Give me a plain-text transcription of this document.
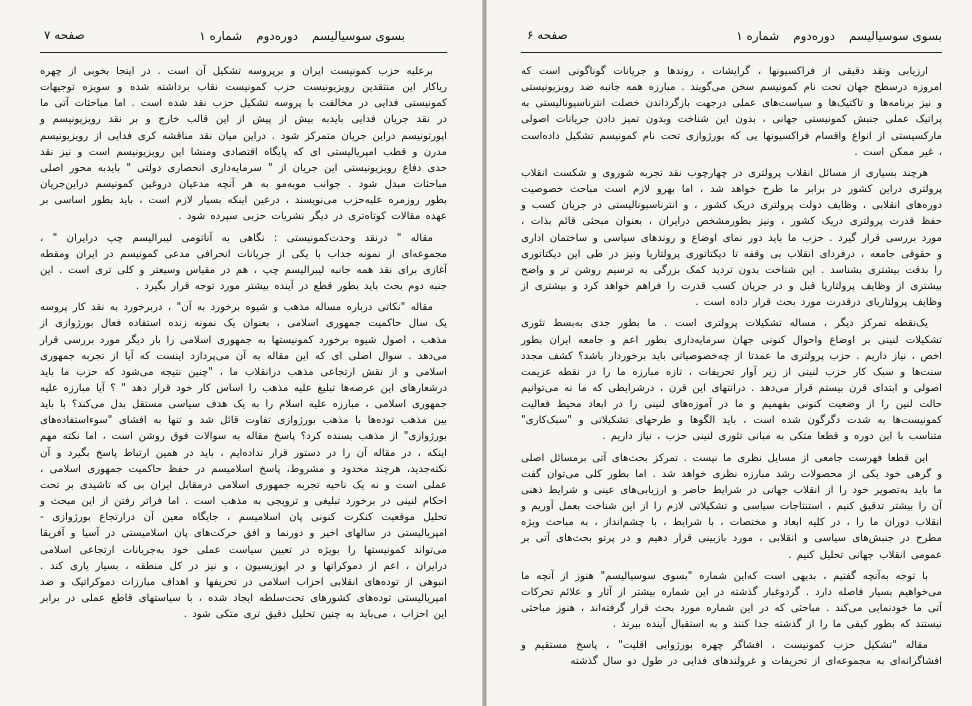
بسوی سوسیالیسم
دوره‌دوم
شماره ۱
صفحه ۷

برعلیه حزب کمونیست ایران و برپروسه تشکیل آن است . در اینجا بخوبی از چهره ریاکار این منتقدین رویزیونیست حزب کمونیست نقاب برداشته شده و سویزه توجیهات کمونیستی فدایی در مخالفت با پروسه تشکیل حزب نقد شده است . اما مباحثات آتی ما در نقد جریان فدایی بایدبه بیش از پیش از این قالب خارج و بر نقد رویزیونیسم و اپورتونیسم دراین جریان متمرکز شود . دراین میان نقد مناقشه کری فدایی از رویزیونیسم مدرن و قطب امپریالیستی ای که پایگاه اقتصادی ومنشا این رویزیونیسم است و نیز نقد حدی دفاع رویزیونیستی این جریان از " سرمایه‌داری انحصاری دولتی " بایدبه محور اصلی مباحثات مبدل شود . جوانب موبه‌مو به هر آنچه مدعیان دروغین کمونیسم دراین‌جریان بطور روزمره علیه‌حزب می‌نویسند ، درعین اینکه بسیار لازم است ، باید بطور اساسی بر عهده مقالات کوتاه‌تری در دیگر نشریات حزبی سپرده شود .

مقاله " درنقد وحدت‌کمونیستی : نگاهی به آناتومی لیبرالیسم چپ درایران " ، مجموعه‌ای از نمونه جداب با یکی از جریانات انحرافی مدعی کمونیسم در ایران ومقطه آغازی برای نقد همه جانبه لیبرالیسم چپ ، هم در مقیاس وسیعتر و کلی تری است . این جنبه دوم بحث باید بطور قطع در آینده بیشتر مورد توجه قرار بگیرد .

مقاله "نکاتی درباره مساله مذهب و شیوه برخورد به آن" ، دربرخورد به نقد کار پروسه یک سال حاکمیت جمهوری اسلامی ، بعنوان یک نمونه زنده استفاده فعال بورژوازی از مذهب ، اصول شیوه برخورد کمونیستها به جمهوری اسلامی را بار دیگر مورد بررسی قرار می‌دهد . سوال اصلی ای که این مقاله به آن می‌پردازد اینست که آیا از تجربه جمهوری اسلامی و از نقش ارتجاعی مذهب درانقلاب ما ، "چنین نتیجه می‌شود که حزب ما باید درشعارهای این عرصه‌ها تبلیغ علیه مذهب را اساس کار خود قرار دهد " ؟ آیا مبارزه علیه جمهوری اسلامی ، مبارزه علیه اسلام را به یک هدف سیاسی مستقل بدل می‌کند؟ با باید بین مذهب توده‌ها با مذهب بورژوازی تفاوت قائل شد و تنها به افشای "سوءاستفاده‌های بورژوازی" از مذهب بسنده کرد؟ پاسخ مقاله به سوالات فوق روشن است ، اما نکته مهم اینکه ، در مقاله آن را در دستور قرار نداده‌ایم ، باید در همین ارتباط پاسخ بگیرد و آن نکته‌جدید، هرچند محدود و مشروط، پاسخ اسلامیسم در حفظ حاکمیت جمهوری اسلامی ، عملی است و نه یک ناحیه تجربه جمهوری اسلامی درمقابل ایران بی که تاشیدی بر تحت احکام لنینی در برخورد تبلیغی و ترویجی به مذهب است . اما فراتر رفتن از این مبحث و تحلیل موقعیت کنکرت کنونی پان اسلامیسم ، جایگاه معین آن درارتجاع بورژوازی - امپریالیستی در سالهای اخیر و دورنما و افق حرکت‌های پان اسلامیستی در آسیا و آفریقا می‌تواند کمونیستها را بویژه در تعیین سیاست عملی خود به‌جریانات ارتجاعی اسلامی درایران ، اعم از دموکراتها و در اپوزیسیون ، و نیز در کل منطقه ، بسیار یاری کند . انبوهی از توده‌های انقلابی احزاب اسلامی در تحریفها و اهداف مبارزات دموکراتیک و ضد امپریالیستی توده‌های کشورهای تحت‌سلطه ایجاد شده ، با سیاستهای قاطع عملی در برابر این احزاب ، می‌باید به چنین تحلیل دقیق تری متکی شود .

بسوی سوسیالیسم
دوره‌دوم
شماره ۱
صفحه ۶

ارزیابی ونقد دقیقی از فراکسیونها ، گرایشات ، روندها و جریانات گوناگونی است که امروزه درسطح جهان تحت نام کمونیسم سخن می‌گویند . مبارزه همه جانبه ضد رویزیونیستی و نیز برنامه‌ها و تاکتیک‌ها و سیاست‌های عملی درجهت بازگرداندن خصلت انترناسیونالیستی به پراتیک عملی جنبش کمونیستی جهانی ، بدون این شناخت وبدون تمیز دادن جریانات اصولی مارکسیستی از انواع واقسام فراکسیونها یی که بورژوازی تحت نام کمونیسم تشکیل داده‌است ، غیر ممکن است .

هرچند بسیاری از مسائل انقلاب پرولتری در چهارچوب نقد تجربه شوروی و شکست انقلاب پرولتری دراین کشور در برابر ما طرح خواهد شد ، اما بهرو لازم است مباحث خصوصیت دوره‌های انقلابی ، وظایف دولت پرولتری دریک کشور ، و انترناسیونالیستی در جریان کسب و حفظ قدرت پرولتری دریک کشور ، ونیز بطورمشخص درایران ، بعنوان مبحثی قائم بذات ، مورد بررسی قرار گیرد . حزب ما باید دور نمای اوضاع و روندهای سیاسی و ساختمان اداری و حقوقی جامعه ، درفردای انقلاب بی وقفه تا دیکتاتوری پرولتاریا ونیز در طی این دیکتاتوری را بدقت بیشتری بشناسد . این شناخت بدون تردید کمک بزرگی به ترسیم روشن تر و واضح بیشتری از وظایف پرولتاریا قبل و در جریان کسب قدرت را فراهم خواهد کرد و بیشتری از وظایف پرولتاریای درقدرت مورد بحث قرار داده است .

یک‌نقطه تمرکز دیگر ، مساله تشکیلات پرولتری است . ما بطور جدی به‌بسط تئوری تشکیلات لنینی بر اوضاع واحوال کنونی جهان سرمایه‌داری بطور اعم و جامعه ایران بطور اخص ، نیاز داریم . حزب پرولتری ما عمدتا از چه‌خصوصیاتی باید برخوردار باشد؟ کشف مجدد سنت‌ها و سبک کار حزب لنینی از زیر آوار تحریفات ، تازه مبارزه ما را در نقطه عزیمت اصولی و ابتدای قرن بیستم قرار می‌دهد . درانتهای این قرن ، درشرایطی که ما نه می‌توانیم حالت لنین را از وضعیت کنونی بفهمیم و ما در آموزه‌های لنینی را در ابعاد محیط فعالیت کمونیست‌ها به شدت دگرگون شده است ، باید الگوها و طرحهای تشکیلاتی و "سبک‌کاری" متناسب با این دوره و قطعا متکی به مبانی تئوری لنینی حزب ، نیاز داریم .

این قطعا فهرست جامعی از مسایل نظری ما نیست . تمرکز بحث‌های آتی برمسائل اصلی و گرهی خود یکی از محصولات رشد مبارزه نظری خواهد شد . اما بطور کلی می‌توان گفت ما باید به‌تصویر خود را از انقلاب جهانی در شرایط حاضر و ارزیابی‌های عینی و شرایط ذهنی آن را بیشتر تدقیق کنیم ، استنتاجات سیاسی و تشکیلاتی لازم را از این شناخت بعمل آوریم و انقلاب دوران ما را ، در کلیه ابعاد و مختصات ، با شرایط ، با چشم‌انداز ، به مباحث ویژه مطرح در جنبش‌های سیاسی و انقلابی ، مورد بازبینی قرار دهیم و در پرتو بحث‌های آتی بر عمومی انقلاب جهانی تحلیل کنیم .

با توجه به‌آنچه گفتیم ، بدیهی است که‌این شماره "بسوی سوسیالیسم" هنوز از آنچه ما می‌خواهیم بسیار فاصله دارد . گردوغبار گذشته در این شماره بیشتر از آثار و علائم تحرکات آتی ما خودنمایی می‌کند . مباحثی که در این شماره مورد بحث قرار گرفته‌اند ، هنوز مباحثی نیستند که بطور کیفی ما را از گذشته جدا کنند و به استقبال آینده ببرند .

مقاله "تشکیل حزب کمونیست ، افشاگر چهره بورژوایی اقلیت" ، پاسخ مستقیم و افشاگرانه‌ای به مجموعه‌ای از تحریفات و غرولندهای فدایی در طول دو سال گذشته
